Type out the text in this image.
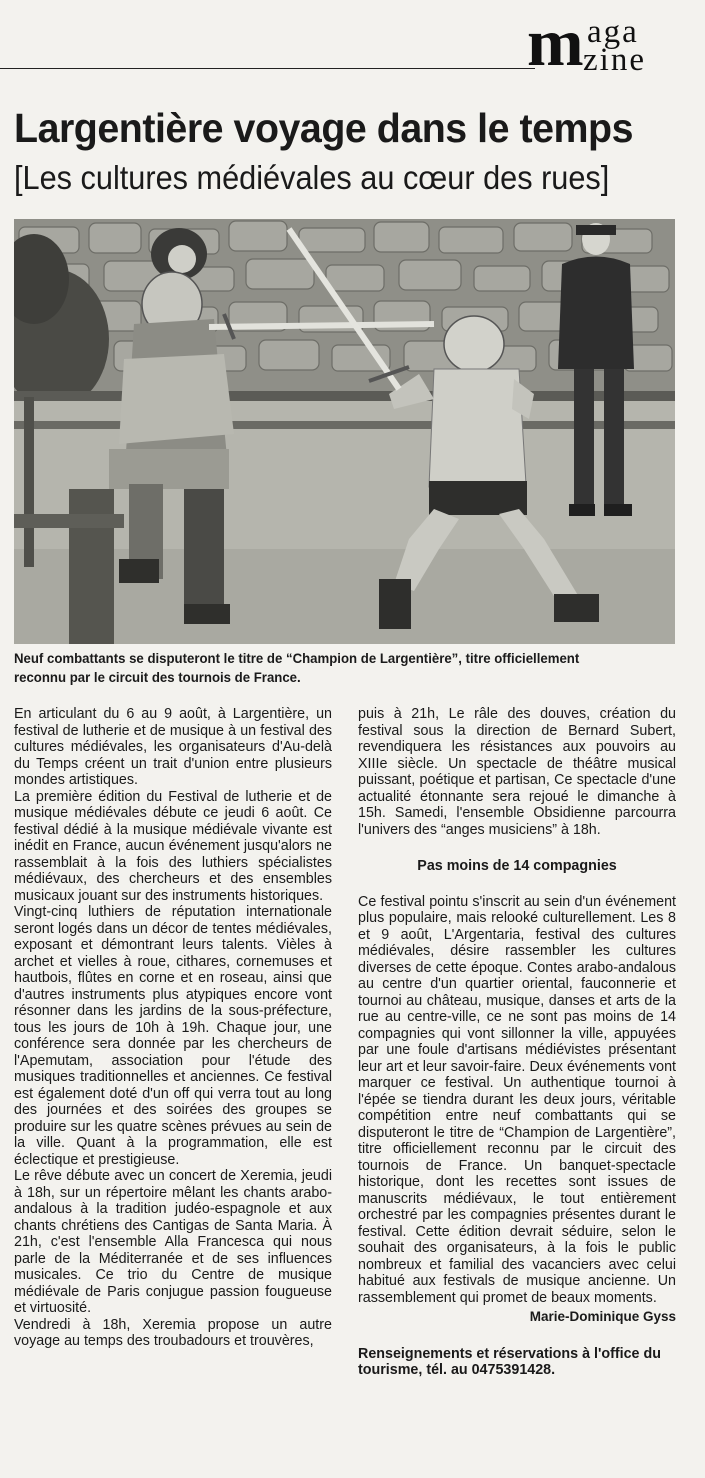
m aga
zine
Largentière voyage dans le temps
[Les cultures médiévales au cœur des rues]

Neuf combattants se disputeront le titre de “Champion de Largentière”, titre officiellement reconnu par le circuit des tournois de France.

En articulant du 6 au 9 août, à Largentière, un festival de lutherie et de musique à un festival des cultures médiévales, les organisateurs d'Au-delà du Temps créent un trait d'union entre plusieurs mondes artistiques.

La première édition du Festival de lutherie et de musique médiévales débute ce jeudi 6 août. Ce festival dédié à la musique médiévale vivante est inédit en France, aucun événement jusqu'alors ne rassemblait à la fois des luthiers spécialistes médiévaux, des chercheurs et des ensembles musicaux jouant sur des instruments historiques.

Vingt-cinq luthiers de réputation internationale seront logés dans un décor de tentes médiévales, exposant et démontrant leurs talents. Vièles à archet et vielles à roue, cithares, cornemuses et hautbois, flûtes en corne et en roseau, ainsi que d'autres instruments plus atypiques encore vont résonner dans les jardins de la sous-préfecture, tous les jours de 10h à 19h. Chaque jour, une conférence sera donnée par les chercheurs de l'Apemutam, association pour l'étude des musiques traditionnelles et anciennes. Ce festival est également doté d'un off qui verra tout au long des journées et des soirées des groupes se produire sur les quatre scènes prévues au sein de la ville. Quant à la programmation, elle est éclectique et prestigieuse.

Le rêve débute avec un concert de Xeremia, jeudi à 18h, sur un répertoire mêlant les chants arabo-andalous à la tradition judéo-espagnole et aux chants chrétiens des Cantigas de Santa Maria. À 21h, c'est l'ensemble Alla Francesca qui nous parle de la Méditerranée et de ses influences musicales. Ce trio du Centre de musique médiévale de Paris conjugue passion fougueuse et virtuosité.

Vendredi à 18h, Xeremia propose un autre voyage au temps des troubadours et trouvères,

puis à 21h, Le râle des douves, création du festival sous la direction de Bernard Subert, revendiquera les résistances aux pouvoirs au XIIIe siècle. Un spectacle de théâtre musical puissant, poétique et partisan, Ce spectacle d'une actualité étonnante sera rejoué le dimanche à 15h. Samedi, l'ensemble Obsidienne parcourra l'univers des “anges musiciens” à 18h.

Pas moins de 14 compagnies

Ce festival pointu s'inscrit au sein d'un événement plus populaire, mais relooké culturellement. Les 8 et 9 août, L'Argentaria, festival des cultures médiévales, désire rassembler les cultures diverses de cette époque. Contes arabo-andalous au centre d'un quartier oriental, fauconnerie et tournoi au château, musique, danses et arts de la rue au centre-ville, ce ne sont pas moins de 14 compagnies qui vont sillonner la ville, appuyées par une foule d'artisans médiévistes présentant leur art et leur savoir-faire. Deux événements vont marquer ce festival. Un authentique tournoi à l'épée se tiendra durant les deux jours, véritable compétition entre neuf combattants qui se disputeront le titre de “Champion de Largentière”, titre officiellement reconnu par le circuit des tournois de France. Un banquet-spectacle historique, dont les recettes sont issues de manuscrits médiévaux, le tout entièrement orchestré par les compagnies présentes durant le festival. Cette édition devrait séduire, selon le souhait des organisateurs, à la fois le public nombreux et familial des vacanciers avec celui habitué aux festivals de musique ancienne. Un rassemblement qui promet de beaux moments.

Marie-Dominique Gyss

Renseignements et réservations à l'office du tourisme, tél. au 0475391428.
